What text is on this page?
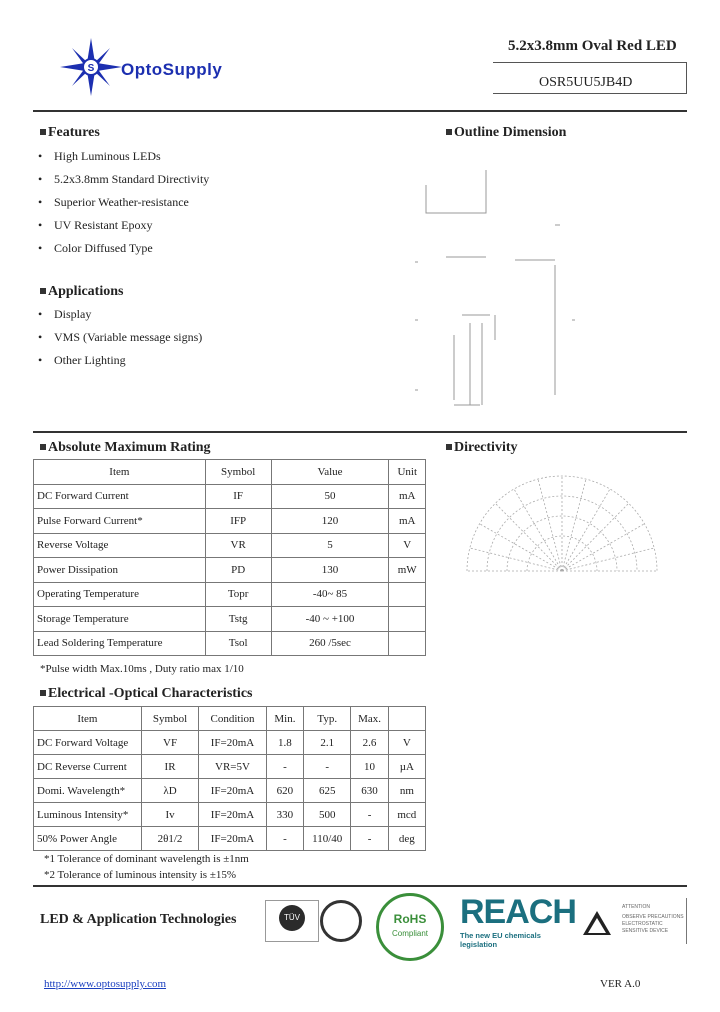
S OptoSupply
5.2x3.8mm Oval Red LED
OSR5UU5JB4D
Features
• High Luminous LEDs
• 5.2x3.8mm Standard Directivity
• Superior Weather-resistance
• UV Resistant Epoxy
• Color Diffused Type
Applications
• Display
• VMS (Variable message signs)
• Other Lighting
Outline Dimension
Directivity
Absolute Maximum Rating
Item	Symbol	Value	Unit
DC Forward Current	IF	50	mA
Pulse Forward Current*	IFP	120	mA
Reverse Voltage	VR	5	V
Power Dissipation	PD	130	mW
Operating Temperature	Topr	-40~ 85	
Storage Temperature	Tstg	-40 ~ +100	
Lead Soldering Temperature	Tsol	260 /5sec	
*Pulse width Max.10ms , Duty ratio max 1/10
Electrical -Optical Characteristics
Item	Symbol	Condition	Min.	Typ.	Max.	
DC Forward Voltage	VF	IF=20mA	1.8	2.1	2.6	V
DC Reverse Current	IR	VR=5V	-	-	10	µA
Domi. Wavelength*	λD	IF=20mA	620	625	630	nm
Luminous Intensity*	Iv	IF=20mA	330	500	-	mcd
50% Power Angle	2θ1/2	IF=20mA	-	110/40	-	deg
*1 Tolerance of dominant wavelength is ±1nm
*2 Tolerance of luminous intensity is ±15%
LED & Application Technologies	TÜV	RoHS
Compliant
REACH
The new EU chemicals legislation
ATTENTION
OBSERVE PRECAUTIONS
ELECTROSTATIC
SENSITIVE DEVICE
http://www.optosupply.com	VER A.0
